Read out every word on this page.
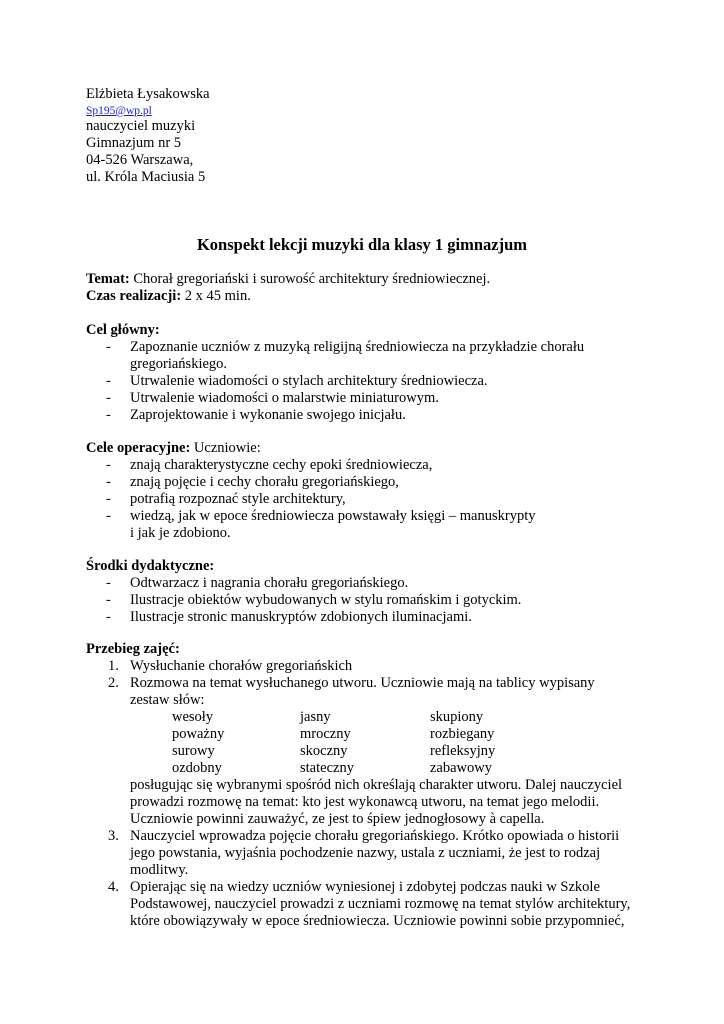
Elżbieta Łysakowska
Sp195@wp.pl
nauczyciel muzyki
Gimnazjum nr 5
04-526 Warszawa,
ul. Króla Maciusia 5
Konspekt lekcji muzyki dla klasy 1 gimnazjum
Temat: Chorał gregoriański i surowość architektury średniowiecznej.
Czas realizacji: 2 x 45 min.
Cel główny:
- Zapoznanie uczniów z muzyką religijną średniowiecza na przykładzie chorału
gregoriańskiego.
- Utrwalenie wiadomości o stylach architektury średniowiecza.
- Utrwalenie wiadomości o malarstwie miniaturowym.
- Zaprojektowanie i wykonanie swojego inicjału.
Cele operacyjne: Uczniowie:
- znają charakterystyczne cechy epoki średniowiecza,
- znają pojęcie i cechy chorału gregoriańskiego,
- potrafią rozpoznać style architektury,
- wiedzą, jak w epoce średniowiecza powstawały księgi – manuskrypty
i jak je zdobiono.
Środki dydaktyczne:
- Odtwarzacz i nagrania chorału gregoriańskiego.
- Ilustracje obiektów wybudowanych w stylu romańskim i gotyckim.
- Ilustracje stronic manuskryptów zdobionych iluminacjami.
Przebieg zajęć:
1. Wysłuchanie chorałów gregoriańskich
2. Rozmowa na temat wysłuchanego utworu. Uczniowie mają na tablicy wypisany
zestaw słów:
wesoły	jasny	skupiony
poważny	mroczny	rozbiegany
surowy	skoczny	refleksyjny
ozdobny	stateczny	zabawowy
posługując się wybranymi spośród nich określają charakter utworu. Dalej nauczyciel
prowadzi rozmowę na temat: kto jest wykonawcą utworu, na temat jego melodii.
Uczniowie powinni zauważyć, ze jest to śpiew jednogłosowy à capella.
3. Nauczyciel wprowadza pojęcie chorału gregoriańskiego. Krótko opowiada o historii
jego powstania, wyjaśnia pochodzenie nazwy, ustala z uczniami, że jest to rodzaj
modlitwy.
4. Opierając się na wiedzy uczniów wyniesionej i zdobytej podczas nauki w Szkole
Podstawowej, nauczyciel prowadzi z uczniami rozmowę na temat stylów architektury,
które obowiązywały w epoce średniowiecza. Uczniowie powinni sobie przypomnieć,
